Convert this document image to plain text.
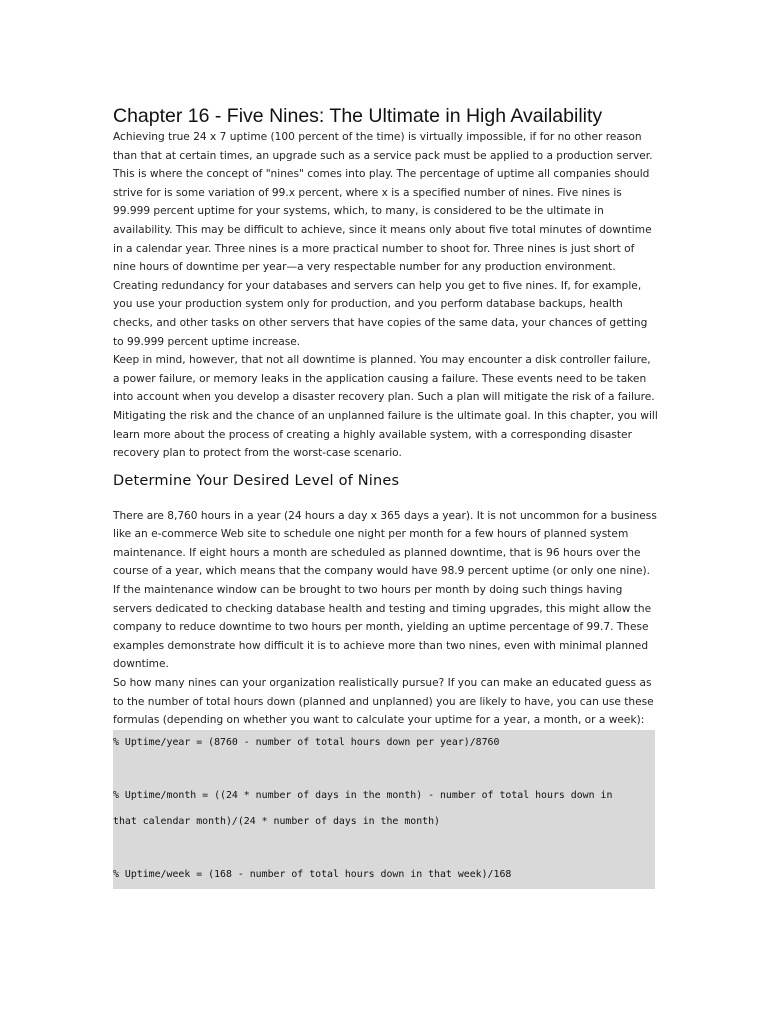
Chapter 16 - Five Nines: The Ultimate in High Availability

Achieving true 24 x 7 uptime (100 percent of the time) is virtually impossible, if for no other reason than that at certain times, an upgrade such as a service pack must be applied to a production server. This is where the concept of "nines" comes into play. The percentage of uptime all companies should strive for is some variation of 99.x percent, where x is a specified number of nines. Five nines is 99.999 percent uptime for your systems, which, to many, is considered to be the ultimate in availability. This may be difficult to achieve, since it means only about five total minutes of downtime in a calendar year. Three nines is a more practical number to shoot for. Three nines is just short of nine hours of downtime per year—a very respectable number for any production environment.

Creating redundancy for your databases and servers can help you get to five nines. If, for example, you use your production system only for production, and you perform database backups, health checks, and other tasks on other servers that have copies of the same data, your chances of getting to 99.999 percent uptime increase.

Keep in mind, however, that not all downtime is planned. You may encounter a disk controller failure, a power failure, or memory leaks in the application causing a failure. These events need to be taken into account when you develop a disaster recovery plan. Such a plan will mitigate the risk of a failure.

Mitigating the risk and the chance of an unplanned failure is the ultimate goal. In this chapter, you will learn more about the process of creating a highly available system, with a corresponding disaster recovery plan to protect from the worst-case scenario.

Determine Your Desired Level of Nines

There are 8,760 hours in a year (24 hours a day x 365 days a year). It is not uncommon for a business like an e-commerce Web site to schedule one night per month for a few hours of planned system maintenance. If eight hours a month are scheduled as planned downtime, that is 96 hours over the course of a year, which means that the company would have 98.9 percent uptime (or only one nine). If the maintenance window can be brought to two hours per month by doing such things having servers dedicated to checking database health and testing and timing upgrades, this might allow the company to reduce downtime to two hours per month, yielding an uptime percentage of 99.7. These examples demonstrate how difficult it is to achieve more than two nines, even with minimal planned downtime.

So how many nines can your organization realistically pursue? If you can make an educated guess as to the number of total hours down (planned and unplanned) you are likely to have, you can use these formulas (depending on whether you want to calculate your uptime for a year, a month, or a week):

% Uptime/year = (8760 - number of total hours down per year)/8760
% Uptime/month = ((24 * number of days in the month) - number of total hours down in
that calendar month)/(24 * number of days in the month)
% Uptime/week = (168 - number of total hours down in that week)/168
